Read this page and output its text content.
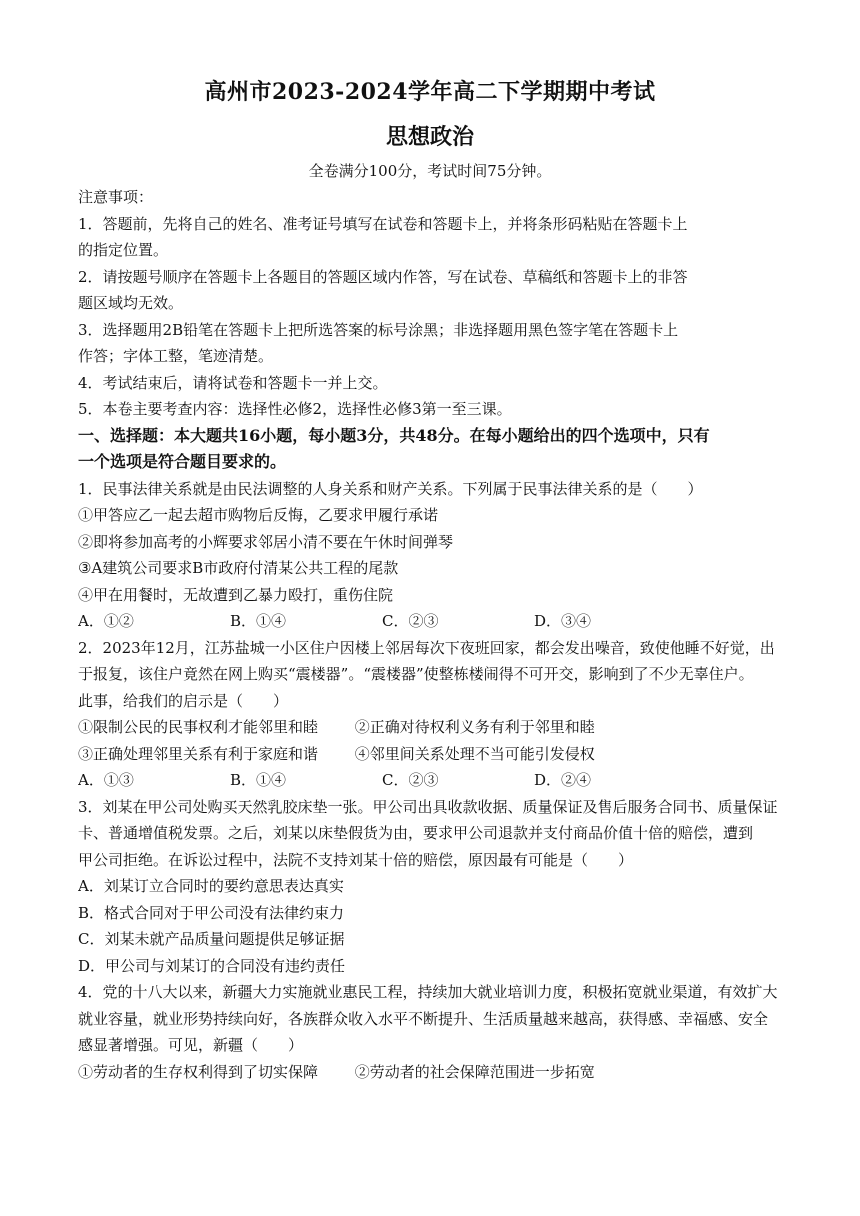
高州市2023-2024学年高二下学期期中考试
思想政治
全卷满分100分，考试时间75分钟。
注意事项：
1．答题前，先将自己的姓名、准考证号填写在试卷和答题卡上，并将条形码粘贴在答题卡上
的指定位置。
2．请按题号顺序在答题卡上各题目的答题区域内作答，写在试卷、草稿纸和答题卡上的非答
题区域均无效。
3．选择题用2B铅笔在答题卡上把所选答案的标号涂黑；非选择题用黑色签字笔在答题卡上
作答；字体工整，笔迹清楚。
4．考试结束后，请将试卷和答题卡一并上交。
5．本卷主要考查内容：选择性必修2，选择性必修3第一至三课。
一、选择题：本大题共16小题，每小题3分，共48分。在每小题给出的四个选项中，只有
一个选项是符合题目要求的。
1．民事法律关系就是由民法调整的人身关系和财产关系。下列属于民事法律关系的是（　　）
①甲答应乙一起去超市购物后反悔，乙要求甲履行承诺
②即将参加高考的小辉要求邻居小清不要在午休时间弹琴
③A建筑公司要求B市政府付清某公共工程的尾款
④甲在用餐时，无故遭到乙暴力殴打，重伤住院
A．①②	B．①④	C．②③	D．③④
2．2023年12月，江苏盐城一小区住户因楼上邻居每次下夜班回家，都会发出噪音，致使他睡不好觉，出
于报复，该住户竟然在网上购买“震楼器”。“震楼器”使整栋楼闹得不可开交，影响到了不少无辜住户。
此事，给我们的启示是（　　）
①限制公民的民事权利才能邻里和睦 ②正确对待权利义务有利于邻里和睦
③正确处理邻里关系有利于家庭和谐 ④邻里间关系处理不当可能引发侵权
A．①③	B．①④	C．②③	D．②④
3．刘某在甲公司处购买天然乳胶床垫一张。甲公司出具收款收据、质量保证及售后服务合同书、质量保证
卡、普通增值税发票。之后，刘某以床垫假货为由，要求甲公司退款并支付商品价值十倍的赔偿，遭到
甲公司拒绝。在诉讼过程中，法院不支持刘某十倍的赔偿，原因最有可能是（　　）
A．刘某订立合同时的要约意思表达真实
B．格式合同对于甲公司没有法律约束力
C．刘某未就产品质量问题提供足够证据
D．甲公司与刘某订的合同没有违约责任
4．党的十八大以来，新疆大力实施就业惠民工程，持续加大就业培训力度，积极拓宽就业渠道，有效扩大
就业容量，就业形势持续向好，各族群众收入水平不断提升、生活质量越来越高，获得感、幸福感、安全
感显著增强。可见，新疆（　　）
①劳动者的生存权利得到了切实保障 ②劳动者的社会保障范围进一步拓宽
